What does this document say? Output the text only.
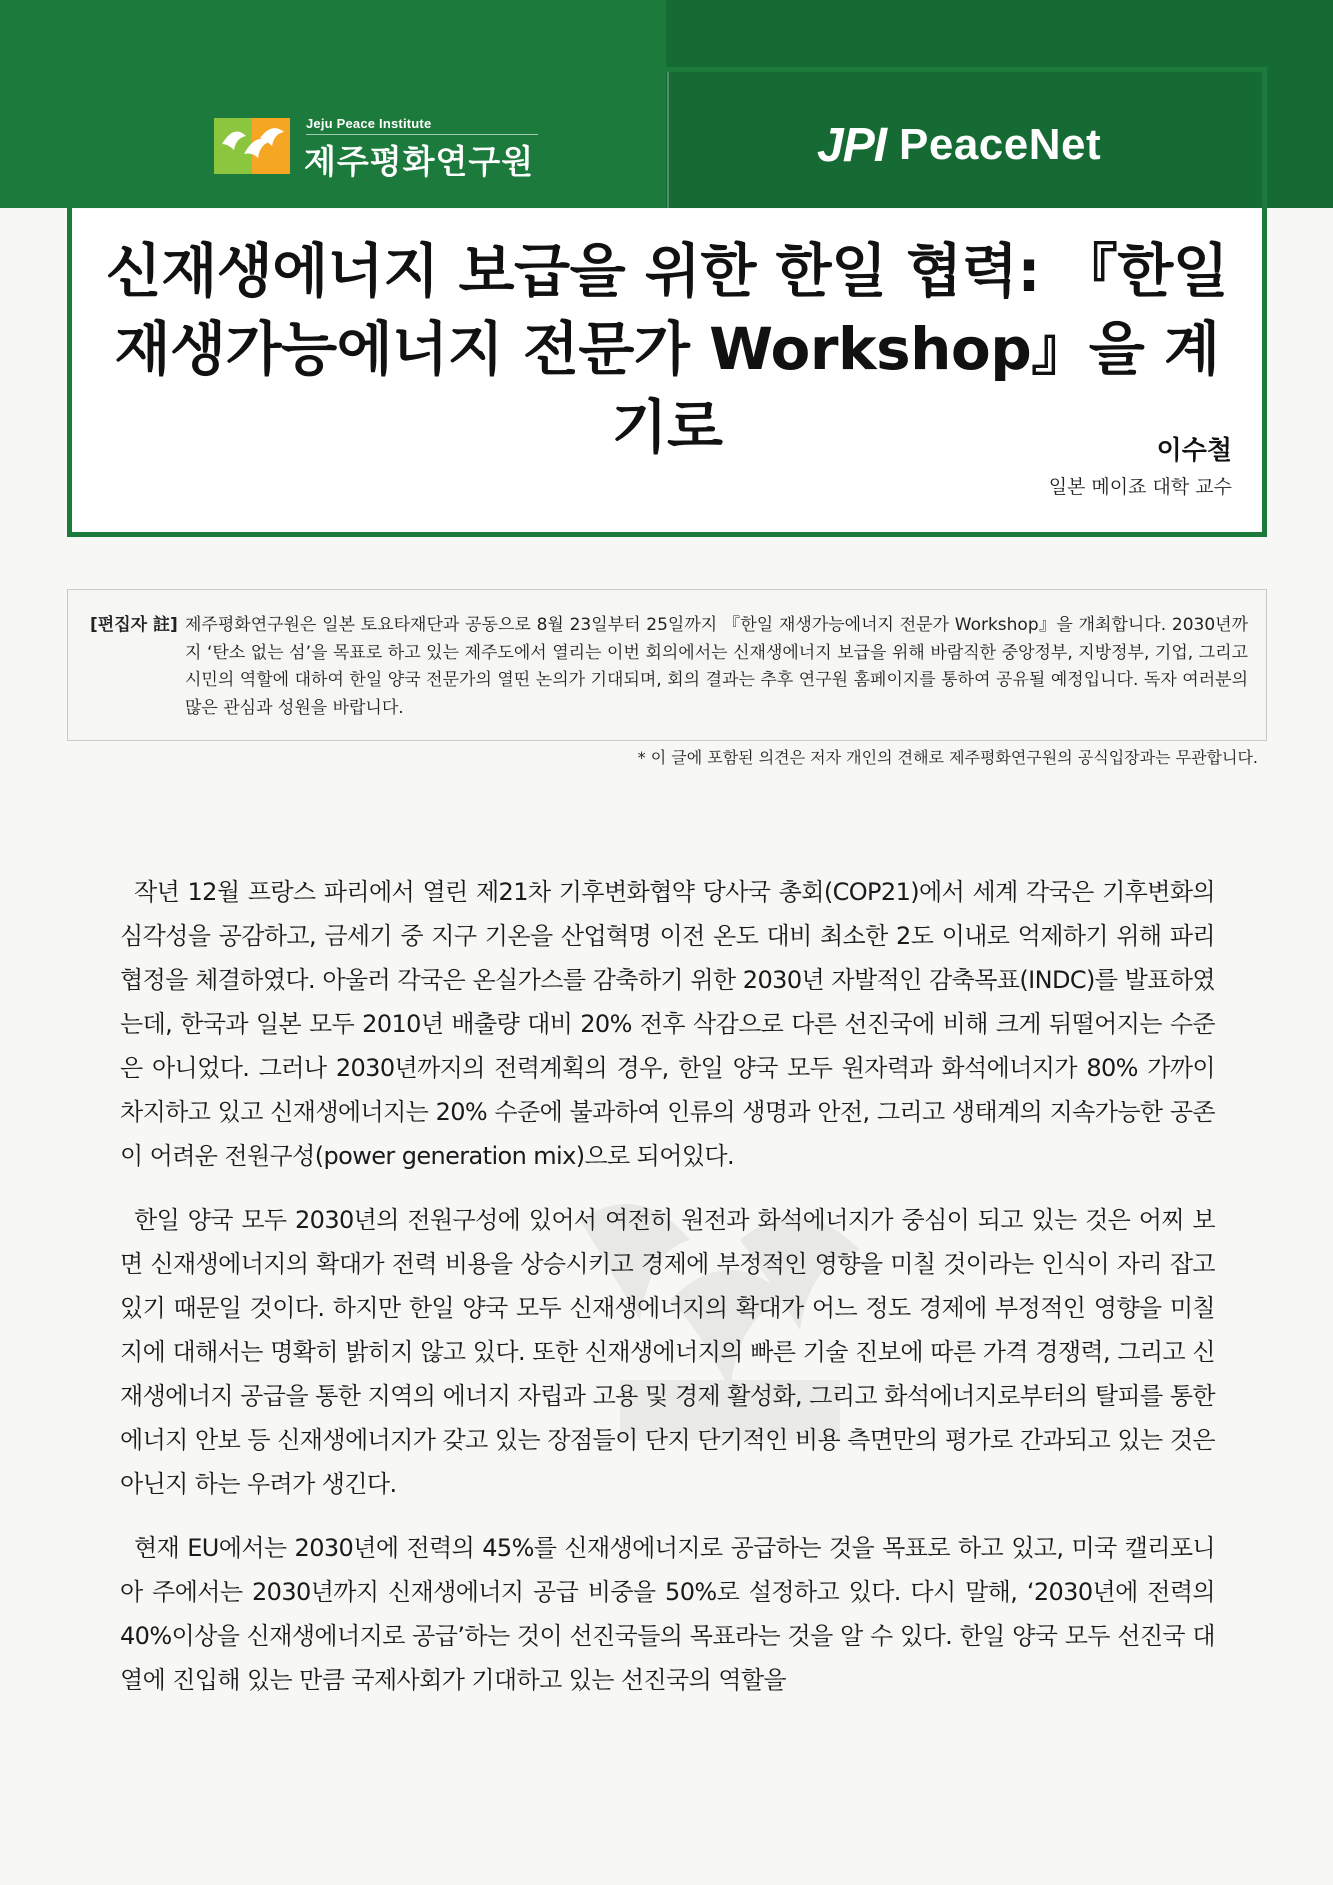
Jeju Peace Institute
제주평화연구원	JPI PeaceNet
신재생에너지 보급을 위한 한일 협력: 『한일 재생가능에너지 전문가 Workshop』을 계기로	이수철
일본 메이죠 대학 교수
[편집자 註] 제주평화연구원은 일본 토요타재단과 공동으로 8월 23일부터 25일까지 『한일 재생가능에너지 전문가 Workshop』을 개최합니다. 2030년까지 ‘탄소 없는 섬’을 목표로 하고 있는 제주도에서 열리는 이번 회의에서는 신재생에너지 보급을 위해 바람직한 중앙정부, 지방정부, 기업, 그리고 시민의 역할에 대하여 한일 양국 전문가의 열띤 논의가 기대되며, 회의 결과는 추후 연구원 홈페이지를 통하여 공유될 예정입니다. 독자 여러분의 많은 관심과 성원을 바랍니다.
* 이 글에 포함된 의견은 저자 개인의 견해로 제주평화연구원의 공식입장과는 무관합니다.

작년 12월 프랑스 파리에서 열린 제21차 기후변화협약 당사국 총회(COP21)에서 세계 각국은 기후변화의 심각성을 공감하고, 금세기 중 지구 기온을 산업혁명 이전 온도 대비 최소한 2도 이내로 억제하기 위해 파리협정을 체결하였다. 아울러 각국은 온실가스를 감축하기 위한 2030년 자발적인 감축목표(INDC)를 발표하였는데, 한국과 일본 모두 2010년 배출량 대비 20% 전후 삭감으로 다른 선진국에 비해 크게 뒤떨어지는 수준은 아니었다. 그러나 2030년까지의 전력계획의 경우, 한일 양국 모두 원자력과 화석에너지가 80% 가까이 차지하고 있고 신재생에너지는 20% 수준에 불과하여 인류의 생명과 안전, 그리고 생태계의 지속가능한 공존이 어려운 전원구성(power generation mix)으로 되어있다.

한일 양국 모두 2030년의 전원구성에 있어서 여전히 원전과 화석에너지가 중심이 되고 있는 것은 어찌 보면 신재생에너지의 확대가 전력 비용을 상승시키고 경제에 부정적인 영향을 미칠 것이라는 인식이 자리 잡고 있기 때문일 것이다. 하지만 한일 양국 모두 신재생에너지의 확대가 어느 정도 경제에 부정적인 영향을 미칠 지에 대해서는 명확히 밝히지 않고 있다. 또한 신재생에너지의 빠른 기술 진보에 따른 가격 경쟁력, 그리고 신재생에너지 공급을 통한 지역의 에너지 자립과 고용 및 경제 활성화, 그리고 화석에너지로부터의 탈피를 통한 에너지 안보 등 신재생에너지가 갖고 있는 장점들이 단지 단기적인 비용 측면만의 평가로 간과되고 있는 것은 아닌지 하는 우려가 생긴다.

현재 EU에서는 2030년에 전력의 45%를 신재생에너지로 공급하는 것을 목표로 하고 있고, 미국 캘리포니아 주에서는 2030년까지 신재생에너지 공급 비중을 50%로 설정하고 있다. 다시 말해, ‘2030년에 전력의 40%이상을 신재생에너지로 공급’하는 것이 선진국들의 목표라는 것을 알 수 있다. 한일 양국 모두 선진국 대열에 진입해 있는 만큼 국제사회가 기대하고 있는 선진국의 역할을
